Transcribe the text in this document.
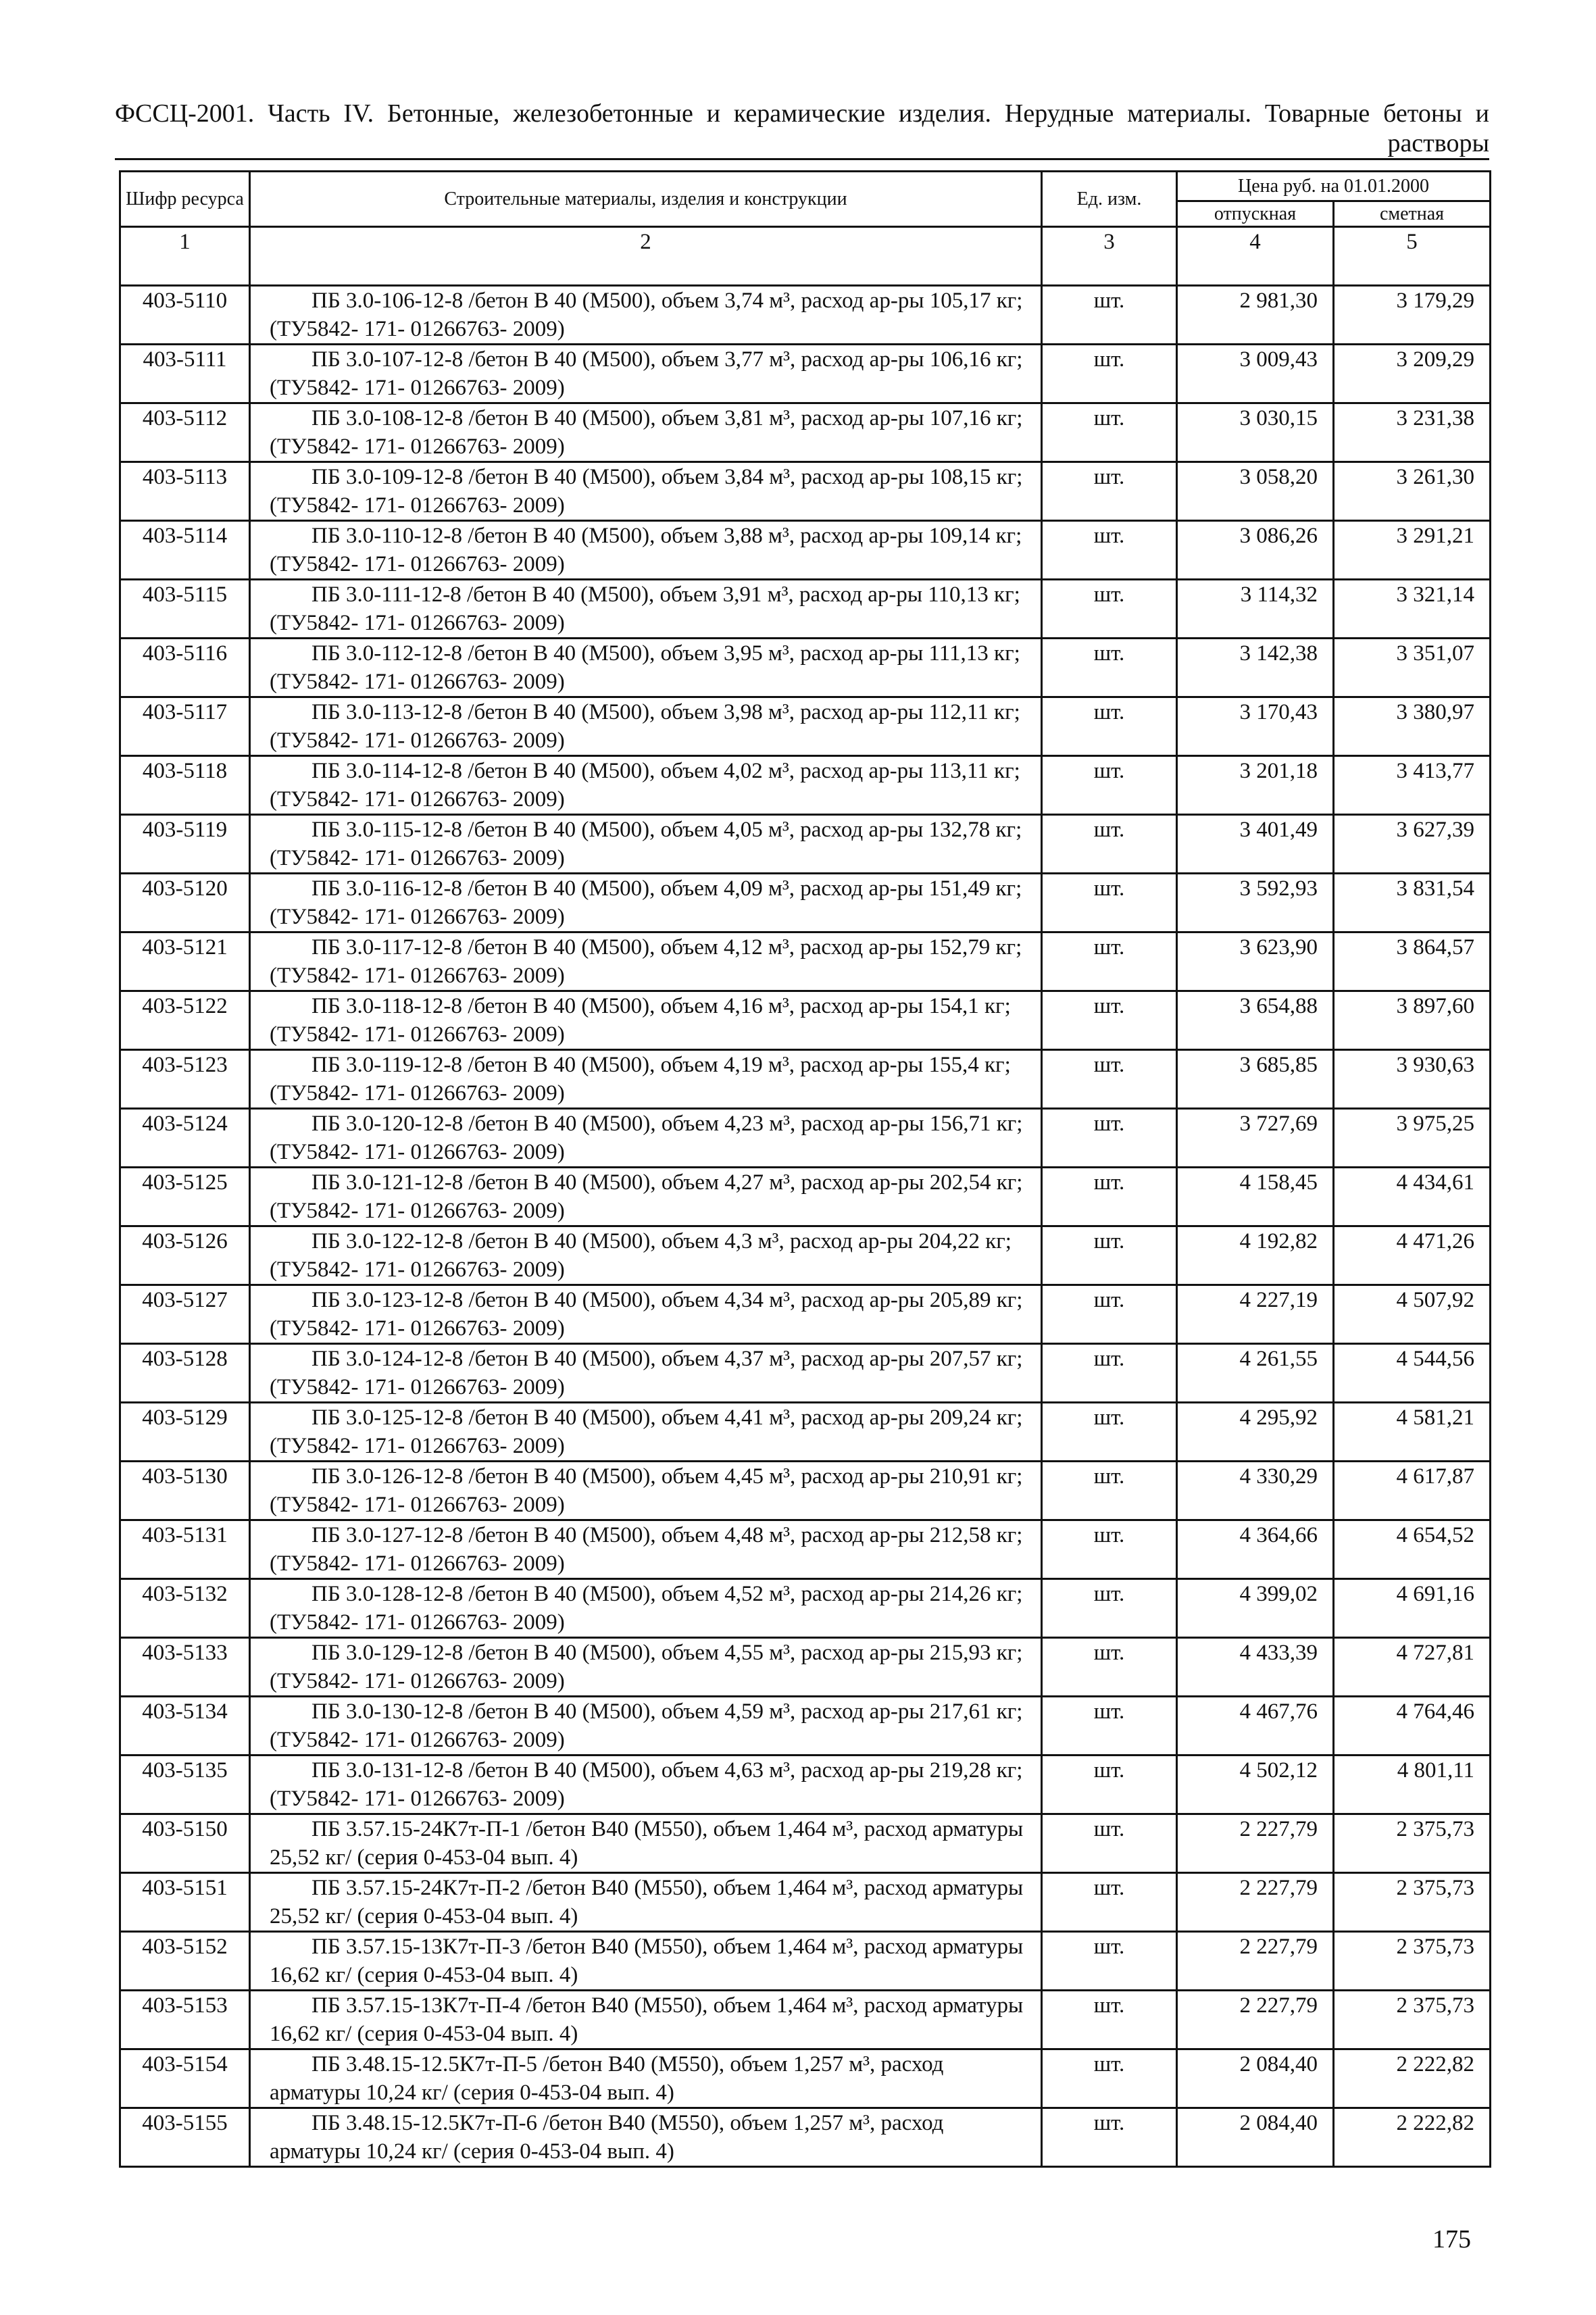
ФССЦ-2001. Часть IV. Бетонные, железобетонные и керамические изделия. Нерудные материалы. Товарные бетоны и растворы
Шифр ресурса	Строительные материалы, изделия и конструкции	Ед. изм.	Цена руб. на 01.01.2000	
			отпускная	сметная
1	2	3	4	5
403-5110	ПБ 3.0-106-12-8 /бетон В 40 (М500), объем 3,74 м³, расход ар-ры 105,17 кг; (ТУ5842- 171- 01266763- 2009)	шт.	2 981,30	3 179,29
403-5111	ПБ 3.0-107-12-8 /бетон В 40 (М500), объем 3,77 м³, расход ар-ры 106,16 кг; (ТУ5842- 171- 01266763- 2009)	шт.	3 009,43	3 209,29
403-5112	ПБ 3.0-108-12-8 /бетон В 40 (М500), объем 3,81 м³, расход ар-ры 107,16 кг; (ТУ5842- 171- 01266763- 2009)	шт.	3 030,15	3 231,38
403-5113	ПБ 3.0-109-12-8 /бетон В 40 (М500), объем 3,84 м³, расход ар-ры 108,15 кг; (ТУ5842- 171- 01266763- 2009)	шт.	3 058,20	3 261,30
403-5114	ПБ 3.0-110-12-8 /бетон В 40 (М500), объем 3,88 м³, расход ар-ры 109,14 кг; (ТУ5842- 171- 01266763- 2009)	шт.	3 086,26	3 291,21
403-5115	ПБ 3.0-111-12-8 /бетон В 40 (М500), объем 3,91 м³, расход ар-ры 110,13 кг; (ТУ5842- 171- 01266763- 2009)	шт.	3 114,32	3 321,14
403-5116	ПБ 3.0-112-12-8 /бетон В 40 (М500), объем 3,95 м³, расход ар-ры 111,13 кг; (ТУ5842- 171- 01266763- 2009)	шт.	3 142,38	3 351,07
403-5117	ПБ 3.0-113-12-8 /бетон В 40 (М500), объем 3,98 м³, расход ар-ры 112,11 кг; (ТУ5842- 171- 01266763- 2009)	шт.	3 170,43	3 380,97
403-5118	ПБ 3.0-114-12-8 /бетон В 40 (М500), объем 4,02 м³, расход ар-ры 113,11 кг; (ТУ5842- 171- 01266763- 2009)	шт.	3 201,18	3 413,77
403-5119	ПБ 3.0-115-12-8 /бетон В 40 (М500), объем 4,05 м³, расход ар-ры 132,78 кг; (ТУ5842- 171- 01266763- 2009)	шт.	3 401,49	3 627,39
403-5120	ПБ 3.0-116-12-8 /бетон В 40 (М500), объем 4,09 м³, расход ар-ры 151,49 кг; (ТУ5842- 171- 01266763- 2009)	шт.	3 592,93	3 831,54
403-5121	ПБ 3.0-117-12-8 /бетон В 40 (М500), объем 4,12 м³, расход ар-ры 152,79 кг; (ТУ5842- 171- 01266763- 2009)	шт.	3 623,90	3 864,57
403-5122	ПБ 3.0-118-12-8 /бетон В 40 (М500), объем 4,16 м³, расход ар-ры 154,1 кг; (ТУ5842- 171- 01266763- 2009)	шт.	3 654,88	3 897,60
403-5123	ПБ 3.0-119-12-8 /бетон В 40 (М500), объем 4,19 м³, расход ар-ры 155,4 кг; (ТУ5842- 171- 01266763- 2009)	шт.	3 685,85	3 930,63
403-5124	ПБ 3.0-120-12-8 /бетон В 40 (М500), объем 4,23 м³, расход ар-ры 156,71 кг; (ТУ5842- 171- 01266763- 2009)	шт.	3 727,69	3 975,25
403-5125	ПБ 3.0-121-12-8 /бетон В 40 (М500), объем 4,27 м³, расход ар-ры 202,54 кг; (ТУ5842- 171- 01266763- 2009)	шт.	4 158,45	4 434,61
403-5126	ПБ 3.0-122-12-8 /бетон В 40 (М500), объем 4,3 м³, расход ар-ры 204,22 кг; (ТУ5842- 171- 01266763- 2009)	шт.	4 192,82	4 471,26
403-5127	ПБ 3.0-123-12-8 /бетон В 40 (М500), объем 4,34 м³, расход ар-ры 205,89 кг; (ТУ5842- 171- 01266763- 2009)	шт.	4 227,19	4 507,92
403-5128	ПБ 3.0-124-12-8 /бетон В 40 (М500), объем 4,37 м³, расход ар-ры 207,57 кг; (ТУ5842- 171- 01266763- 2009)	шт.	4 261,55	4 544,56
403-5129	ПБ 3.0-125-12-8 /бетон В 40 (М500), объем 4,41 м³, расход ар-ры 209,24 кг; (ТУ5842- 171- 01266763- 2009)	шт.	4 295,92	4 581,21
403-5130	ПБ 3.0-126-12-8 /бетон В 40 (М500), объем 4,45 м³, расход ар-ры 210,91 кг; (ТУ5842- 171- 01266763- 2009)	шт.	4 330,29	4 617,87
403-5131	ПБ 3.0-127-12-8 /бетон В 40 (М500), объем 4,48 м³, расход ар-ры 212,58 кг; (ТУ5842- 171- 01266763- 2009)	шт.	4 364,66	4 654,52
403-5132	ПБ 3.0-128-12-8 /бетон В 40 (М500), объем 4,52 м³, расход ар-ры 214,26 кг; (ТУ5842- 171- 01266763- 2009)	шт.	4 399,02	4 691,16
403-5133	ПБ 3.0-129-12-8 /бетон В 40 (М500), объем 4,55 м³, расход ар-ры 215,93 кг; (ТУ5842- 171- 01266763- 2009)	шт.	4 433,39	4 727,81
403-5134	ПБ 3.0-130-12-8 /бетон В 40 (М500), объем 4,59 м³, расход ар-ры 217,61 кг; (ТУ5842- 171- 01266763- 2009)	шт.	4 467,76	4 764,46
403-5135	ПБ 3.0-131-12-8 /бетон В 40 (М500), объем 4,63 м³, расход ар-ры 219,28 кг; (ТУ5842- 171- 01266763- 2009)	шт.	4 502,12	4 801,11
403-5150	ПБ 3.57.15-24К7т-П-1 /бетон В40 (М550), объем 1,464 м³, расход арматуры 25,52 кг/ (серия 0-453-04 вып. 4)	шт.	2 227,79	2 375,73
403-5151	ПБ 3.57.15-24К7т-П-2 /бетон В40 (М550), объем 1,464 м³, расход арматуры 25,52 кг/ (серия 0-453-04 вып. 4)	шт.	2 227,79	2 375,73
403-5152	ПБ 3.57.15-13К7т-П-3 /бетон В40 (М550), объем 1,464 м³, расход арматуры 16,62 кг/ (серия 0-453-04 вып. 4)	шт.	2 227,79	2 375,73
403-5153	ПБ 3.57.15-13К7т-П-4 /бетон В40 (М550), объем 1,464 м³, расход арматуры 16,62 кг/ (серия 0-453-04 вып. 4)	шт.	2 227,79	2 375,73
403-5154	ПБ 3.48.15-12.5К7т-П-5 /бетон В40 (М550), объем 1,257 м³, расход арматуры 10,24 кг/ (серия 0-453-04 вып. 4)	шт.	2 084,40	2 222,82
403-5155	ПБ 3.48.15-12.5К7т-П-6 /бетон В40 (М550), объем 1,257 м³, расход арматуры 10,24 кг/ (серия 0-453-04 вып. 4)	шт.	2 084,40	2 222,82
175
